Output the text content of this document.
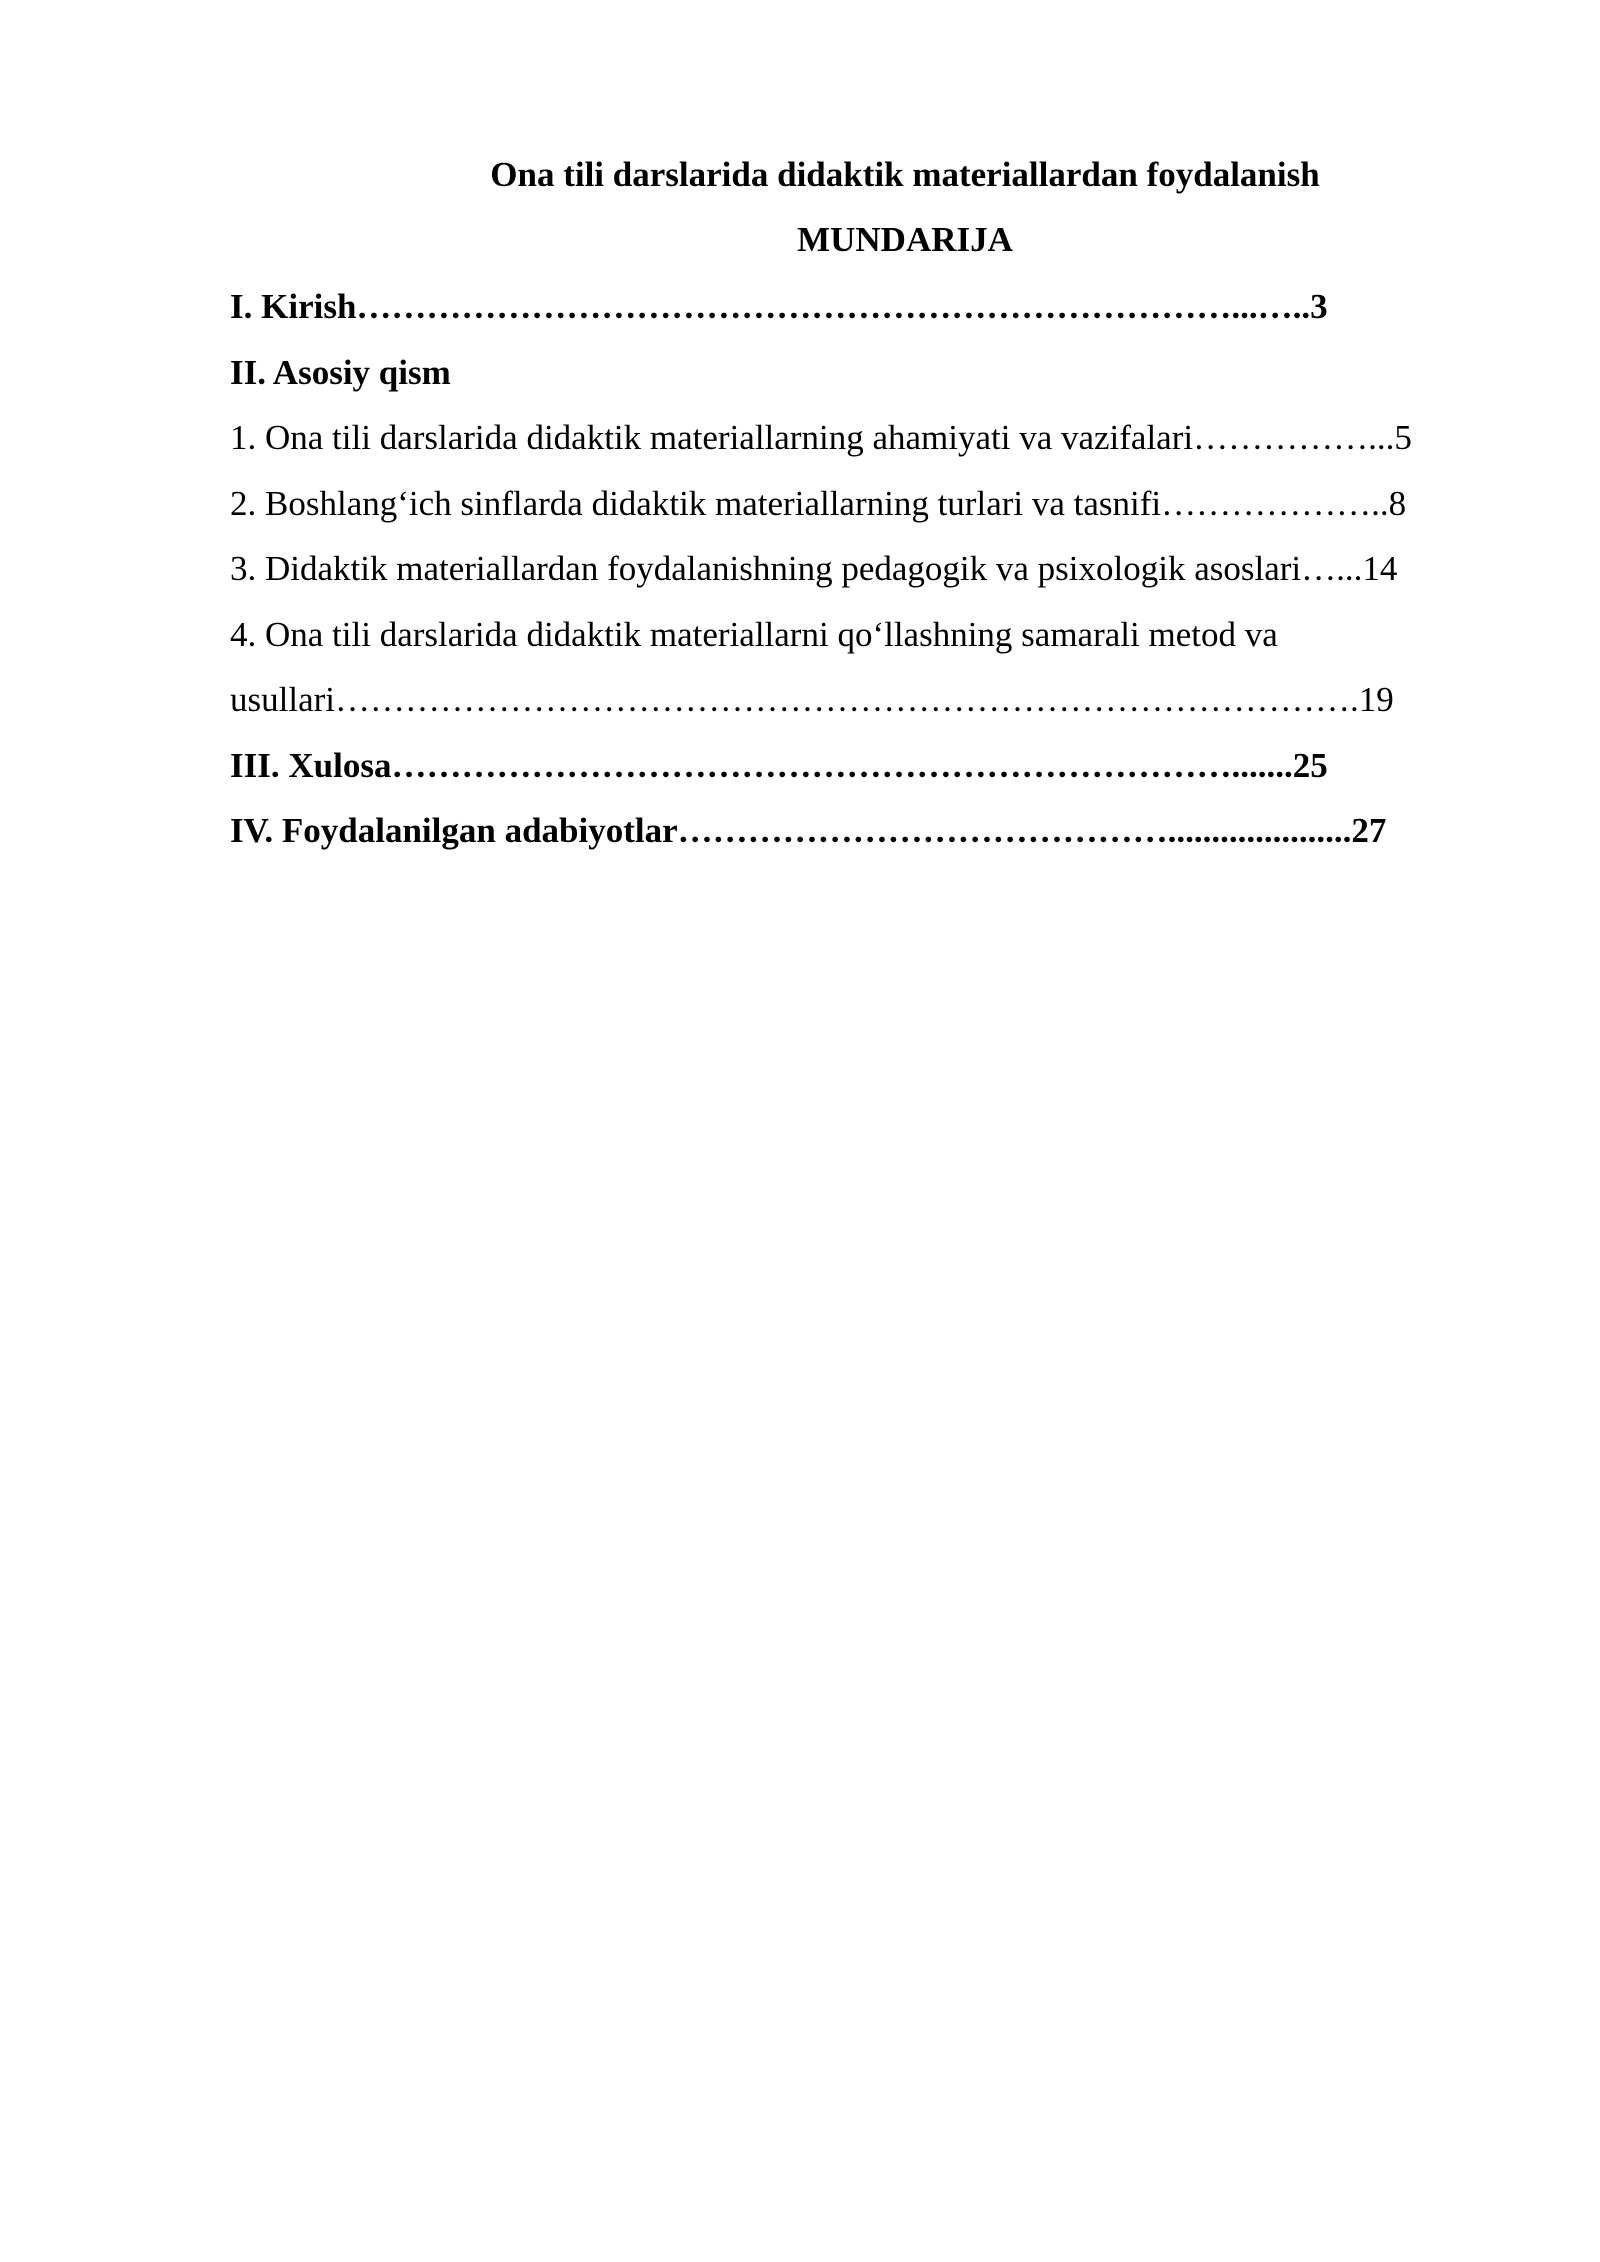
Ona tili darslarida didaktik materiallardan foydalanish
MUNDARIJA
I. Kirish…………………………………………………………………...…..3
II. Asosiy qism
1. Ona tili darslarida didaktik materiallarning ahamiyati va vazifalari……………...5
2. Boshlang‘ich sinflarda didaktik materiallarning turlari va tasnifi………………..8
3. Didaktik materiallardan foydalanishning pedagogik va psixologik asoslari…...14
4. Ona tili darslarida didaktik materiallarni qo‘llashning samarali metod va
usullari…………………………………………………………………………….19
III. Xulosa……………………………………………………………….......25
IV. Foydalanilgan adabiyotlar…………………………………….....................27
